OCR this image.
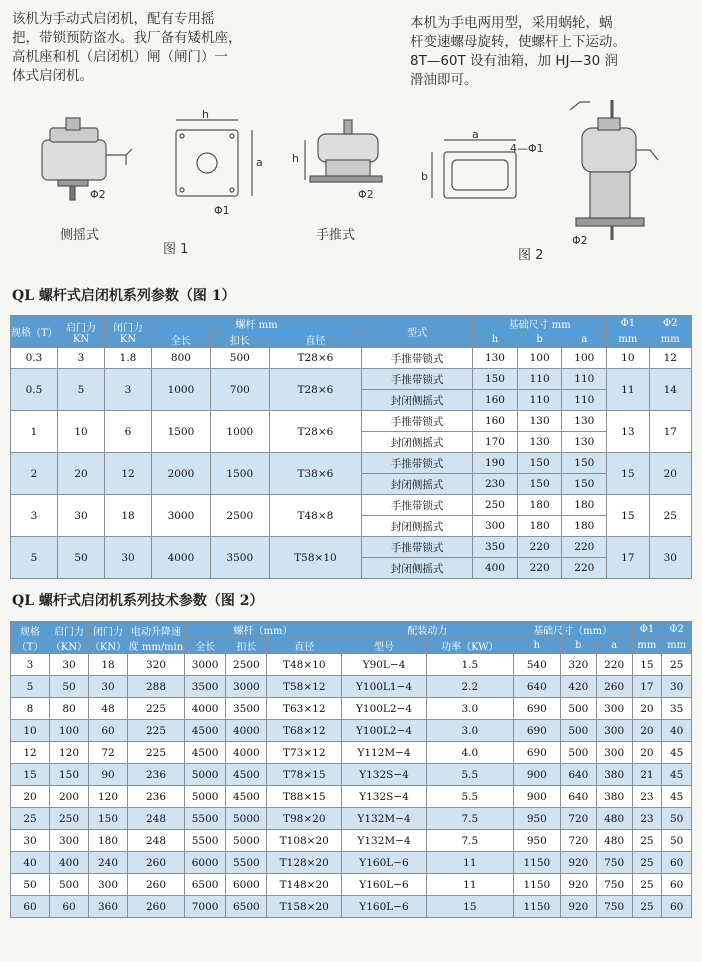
该机为手动式启闭机，配有专用摇

把，带锁预防盗水。我厂备有矮机座，

高机座和机（启闭机）闸（闸门）一

体式启闭机。

本机为手电两用型，采用蜗轮，蜗

杆变速螺母旋转，使螺杆上下运动。

8T—60T 设有油箱，加 HJ—30 润

滑油即可。

Φ2
侧摇式
图 1
Φ1
h
a	h
Φ2
手推式
a
4—Φ1
b
Φ2
图 2
QL 螺杆式启闭机系列参数（图 1）
规格（T）	启门力 KN	闭门力 KN	螺杆 mm			型式	基础尺寸 mm			Φ1	Φ2
			全长	扣长	直径		h	b	a	mm	mm
0.3	3	1.8	800	500	T28×6	手推带锁式	130	100	100	10	12
0.5	5	3	1000	700	T28×6	手推带锁式	150	110	110	11	14
						封闭侧摇式	160	110	110		
1	10	6	1500	1000	T28×6	手推带锁式	160	130	130	13	17
						封闭侧摇式	170	130	130		
2	20	12	2000	1500	T38×6	手推带锁式	190	150	150	15	20
						封闭侧摇式	230	150	150		
3	30	18	3000	2500	T48×8	手推带锁式	250	180	180	15	25
						封闭侧摇式	300	180	180		
5	50	30	4000	3500	T58×10	手推带锁式	350	220	220	17	30
						封闭侧摇式	400	220	220		
QL 螺杆式启闭机系列技术参数（图 2）
规格（T）	启门力（KN）	闭门力（KN）	电动升降速度 mm/min	螺杆（mm）			配装动力		基础尺寸（mm）			Φ1	Φ2
				全长	扣长	直径	型号	功率（KW）	h	b	a	mm	mm
3	30	18	320	3000	2500	T48×10	Y90L−4	1.5	540	320	220	15	25
5	50	30	288	3500	3000	T58×12	Y100L1−4	2.2	640	420	260	17	30
8	80	48	225	4000	3500	T63×12	Y100L2−4	3.0	690	500	300	20	35
10	100	60	225	4500	4000	T68×12	Y100L2−4	3.0	690	500	300	20	40
12	120	72	225	4500	4000	T73×12	Y112M−4	4.0	690	500	300	20	45
15	150	90	236	5000	4500	T78×15	Y132S−4	5.5	900	640	380	21	45
20	200	120	236	5000	4500	T88×15	Y132S−4	5.5	900	640	380	23	45
25	250	150	248	5500	5000	T98×20	Y132M−4	7.5	950	720	480	23	50
30	300	180	248	5500	5000	T108×20	Y132M−4	7.5	950	720	480	25	50
40	400	240	260	6000	5500	T128×20	Y160L−6	11	1150	920	750	25	60
50	500	300	260	6500	6000	T148×20	Y160L−6	11	1150	920	750	25	60
60	60	360	260	7000	6500	T158×20	Y160L−6	15	1150	920	750	25	60
